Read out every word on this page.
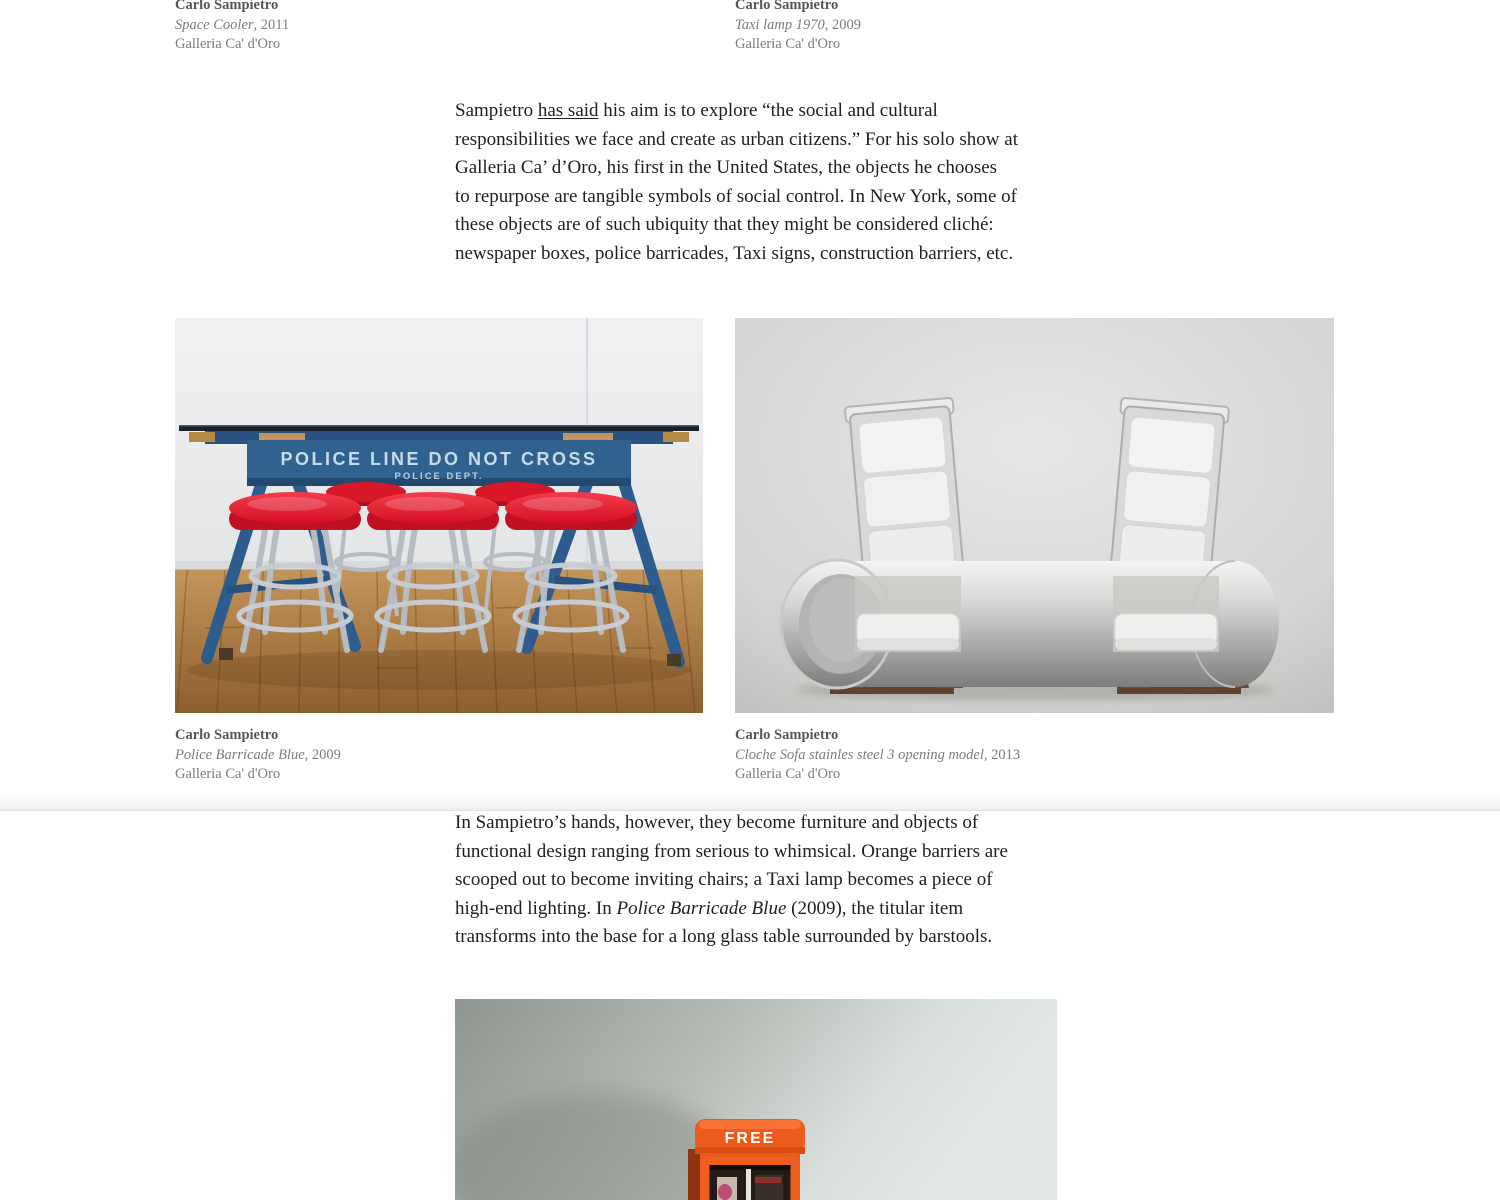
Carlo Sampietro
Space Cooler, 2011
Galleria Ca' d'Oro
Carlo Sampietro
Taxi lamp 1970, 2009
Galleria Ca' d'Oro
Sampietro has said his aim is to explore “the social and cultural
responsibilities we face and create as urban citizens.” For his solo show at
Galleria Ca’ d’Oro, his first in the United States, the objects he chooses
to repurpose are tangible symbols of social control. In New York, some of
these objects are of such ubiquity that they might be considered cliché:
newspaper boxes, police barricades, Taxi signs, construction barriers, etc.
POLICE LINE DO NOT CROSS
POLICE DEPT.
Carlo Sampietro
Police Barricade Blue, 2009
Galleria Ca' d'Oro
Carlo Sampietro
Cloche Sofa stainles steel 3 opening model, 2013
Galleria Ca' d'Oro
In Sampietro’s hands, however, they become furniture and objects of
functional design ranging from serious to whimsical. Orange barriers are
scooped out to become inviting chairs; a Taxi lamp becomes a piece of
high-end lighting. In Police Barricade Blue (2009), the titular item
transforms into the base for a long glass table surrounded by barstools.
FREE
